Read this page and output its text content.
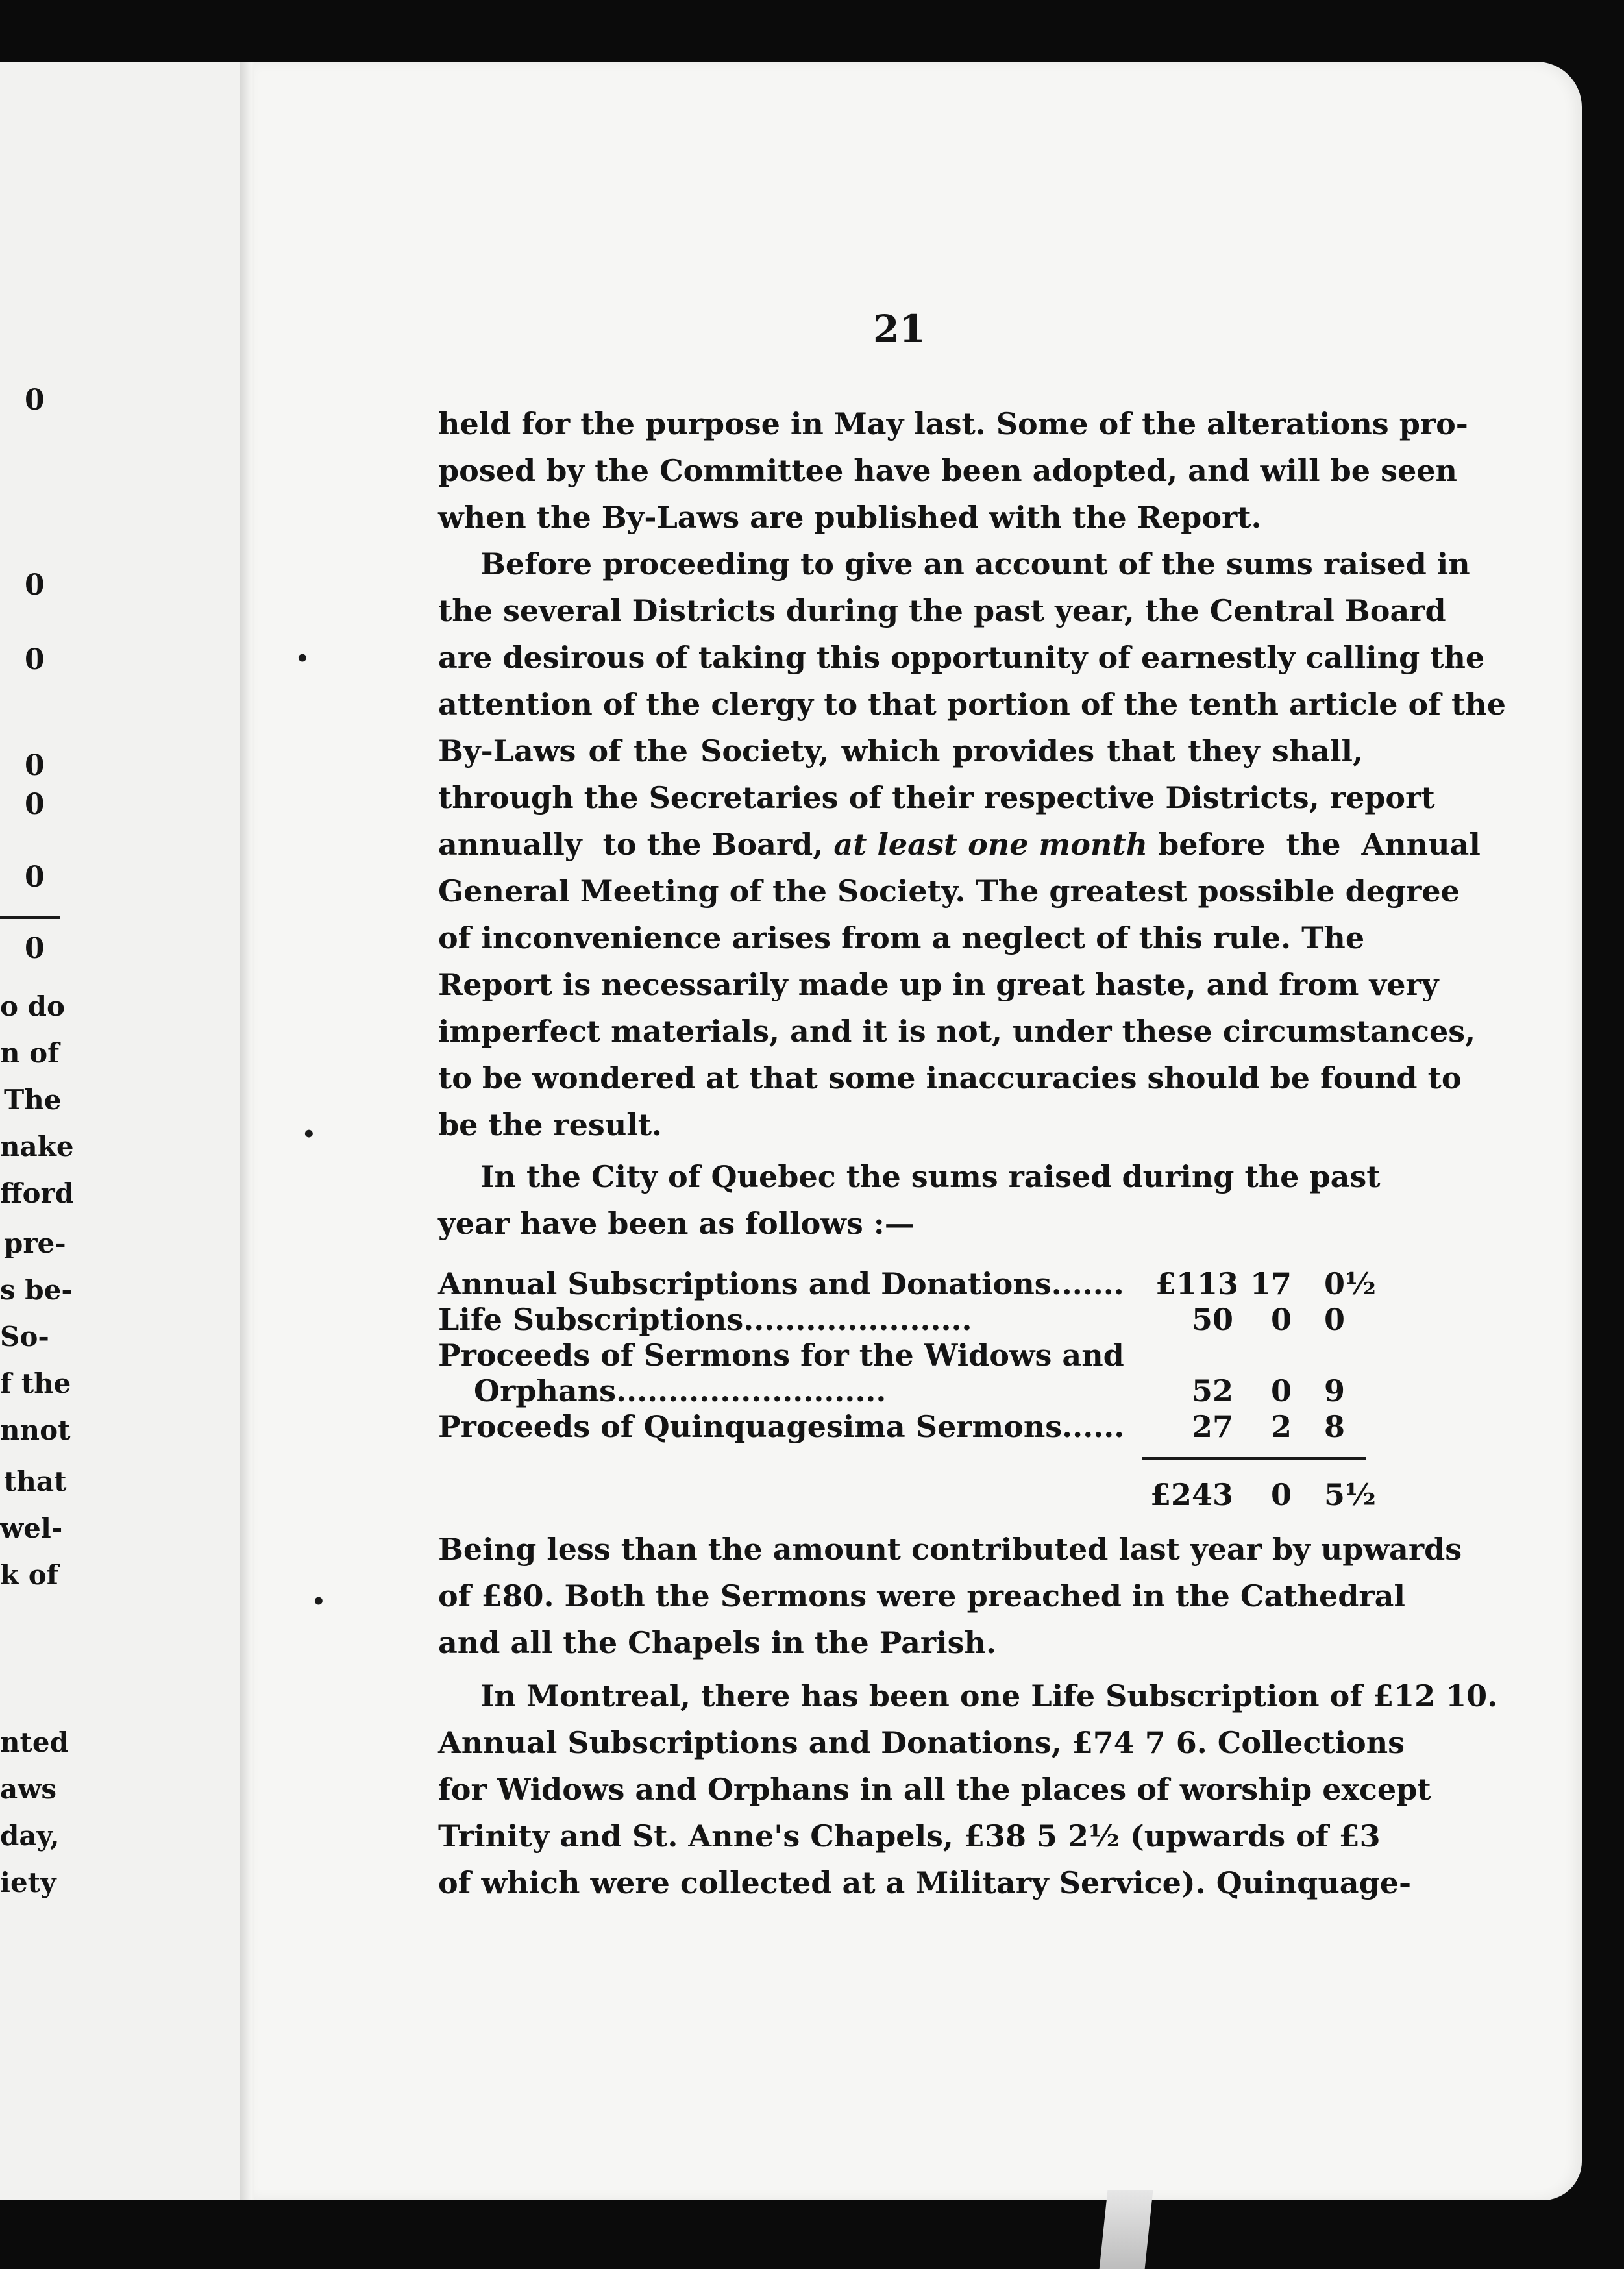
0
0
0
0
0
0
0
o do
n of
The
nake
fford
pre-
s be-
So-
f the
nnot
that
wel-
k of
nted
aws
day,
iety
•
•
•
21
held for the purpose in May last. Some of the alterations pro-
posed by the Committee have been adopted, and will be seen
when the By-Laws are published with the Report.
Before proceeding to give an account of the sums raised in
the several Districts during the past year, the Central Board
are desirous of taking this opportunity of earnestly calling the
attention of the clergy to that portion of the tenth article of the
By-Laws of the Society, which provides that they shall,
through the Secretaries of their respective Districts, report
annually  to the Board, at least one month before  the  Annual
General Meeting of the Society. The greatest possible degree
of inconvenience arises from a neglect of this rule. The
Report is necessarily made up in great haste, and from very
imperfect materials, and it is not, under these circumstances,
to be wondered at that some inaccuracies should be found to
be the result.
In the City of Quebec the sums raised during the past
year have been as follows :—
Annual Subscriptions and Donations....... £113 17 0½
Life Subscriptions......................	50	0 0
Proceeds of Sermons for the Widows and
Orphans..........................	52	0 9
Proceeds of Quinquagesima Sermons......	27	2 8
£243	0 5½
Being less than the amount contributed last year by upwards
of £80. Both the Sermons were preached in the Cathedral
and all the Chapels in the Parish.
In Montreal, there has been one Life Subscription of £12 10.
Annual Subscriptions and Donations, £74 7 6. Collections
for Widows and Orphans in all the places of worship except
Trinity and St. Anne's Chapels, £38 5 2½ (upwards of £3
of which were collected at a Military Service). Quinquage-
